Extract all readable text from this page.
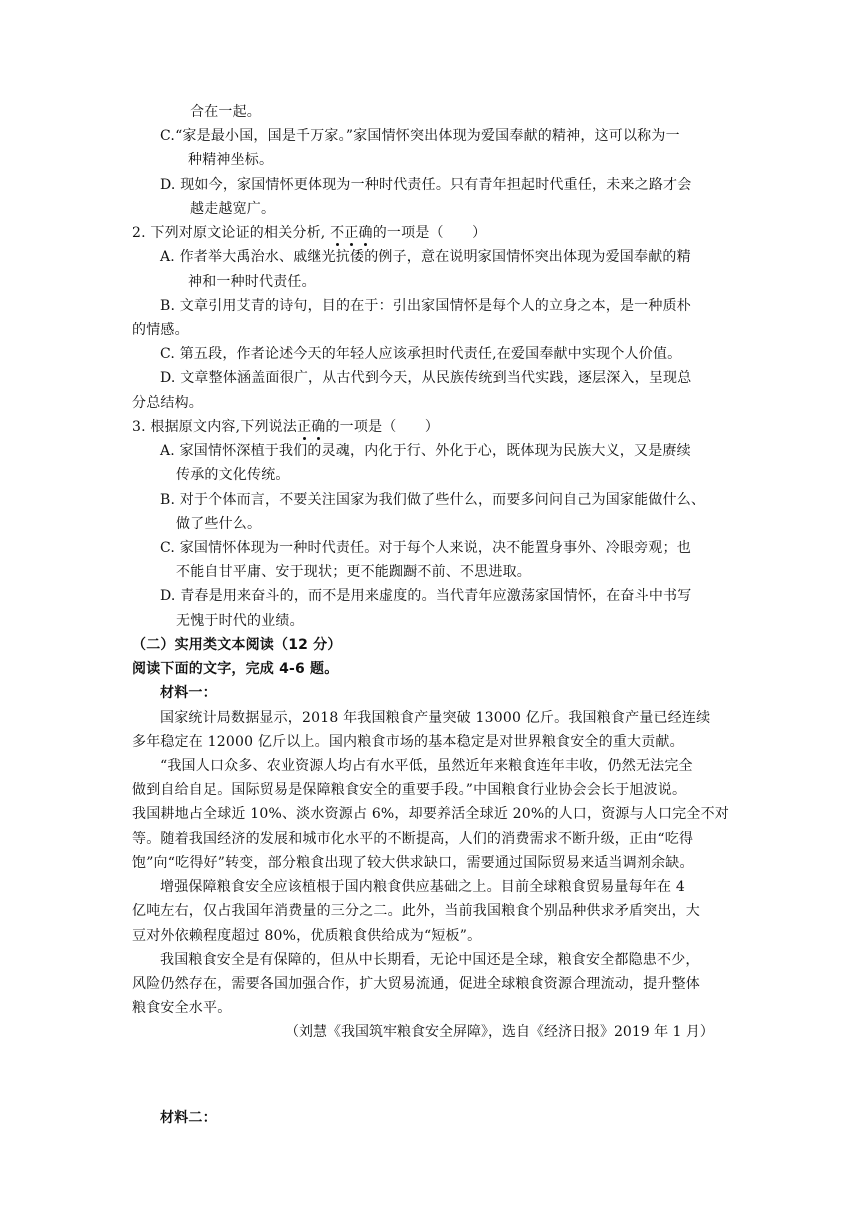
合在一起。
C.“家是最小国，国是千万家。”家国情怀突出体现为爱国奉献的精神，这可以称为一
种精神坐标。
D. 现如今，家国情怀更体现为一种时代责任。只有青年担起时代重任，未来之路才会
越走越宽广。
2. 下列对原文论证的相关分析, 不正确的一项是（　　）
A. 作者举大禹治水、戚继光抗倭的例子，意在说明家国情怀突出体现为爱国奉献的精
神和一种时代责任。
B. 文章引用艾青的诗句，目的在于：引出家国情怀是每个人的立身之本，是一种质朴
的情感。
C. 第五段，作者论述今天的年轻人应该承担时代责任,在爱国奉献中实现个人价值。
D. 文章整体涵盖面很广，从古代到今天，从民族传统到当代实践，逐层深入，呈现总
分总结构。
3. 根据原文内容,下列说法正确的一项是（　　）
A. 家国情怀深植于我们的灵魂，内化于行、外化于心，既体现为民族大义，又是赓续
传承的文化传统。
B. 对于个体而言，不要关注国家为我们做了些什么，而要多问问自己为国家能做什么、
做了些什么。
C. 家国情怀体现为一种时代责任。对于每个人来说，决不能置身事外、冷眼旁观；也
不能自甘平庸、安于现状；更不能踟蹰不前、不思进取。
D. 青春是用来奋斗的，而不是用来虚度的。当代青年应激荡家国情怀，在奋斗中书写
无愧于时代的业绩。
（二）实用类文本阅读（12 分）
阅读下面的文字，完成 4-6 题。
材料一：
国家统计局数据显示，2018 年我国粮食产量突破 13000 亿斤。我国粮食产量已经连续
多年稳定在 12000 亿斤以上。国内粮食市场的基本稳定是对世界粮食安全的重大贡献。
“我国人口众多、农业资源人均占有水平低，虽然近年来粮食连年丰收，仍然无法完全
做到自给自足。国际贸易是保障粮食安全的重要手段。”中国粮食行业协会会长于旭波说。
我国耕地占全球近 10%、淡水资源占 6%，却要养活全球近 20%的人口，资源与人口完全不对
等。随着我国经济的发展和城市化水平的不断提高，人们的消费需求不断升级，正由“吃得
饱”向“吃得好”转变，部分粮食出现了较大供求缺口，需要通过国际贸易来适当调剂余缺。
增强保障粮食安全应该植根于国内粮食供应基础之上。目前全球粮食贸易量每年在 4
亿吨左右，仅占我国年消费量的三分之二。此外，当前我国粮食个别品种供求矛盾突出，大
豆对外依赖程度超过 80%，优质粮食供给成为“短板”。
我国粮食安全是有保障的，但从中长期看，无论中国还是全球，粮食安全都隐患不少，
风险仍然存在，需要各国加强合作，扩大贸易流通，促进全球粮食资源合理流动，提升整体
粮食安全水平。
（刘慧《我国筑牢粮食安全屏障》，选自《经济日报》2019 年 1 月）
材料二：
